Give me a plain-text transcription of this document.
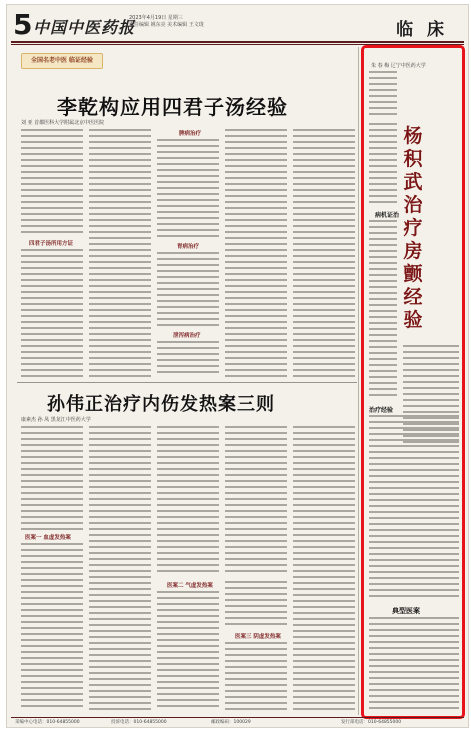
5 中国中医药报
2023年4月19日 星期三
责任编辑 姚东亮 美术编辑 王文珑	临 床
全国名老中医 临证经验
李乾构应用四君子汤经验
刘 亚 首都医科大学附属北京中医医院
四君子汤所用方证
脾病治疗
胃病治疗
泄泻病治疗
孙伟正治疗内伤发热案三则
康素杰 孙 凤 黑龙江中医药大学
医案一 血虚发热案
医案二 气虚发热案
医案三 阴虚发热案
朱 春 梅 辽宁中医药大学
杨
积
武
治
疗
房
颤
经
验
病机证治
治疗经验
典型医案
采编中心电话：010-64855000	投诉电话：010-64855000	邮政编码：100029	发行部电话：010-64855000
